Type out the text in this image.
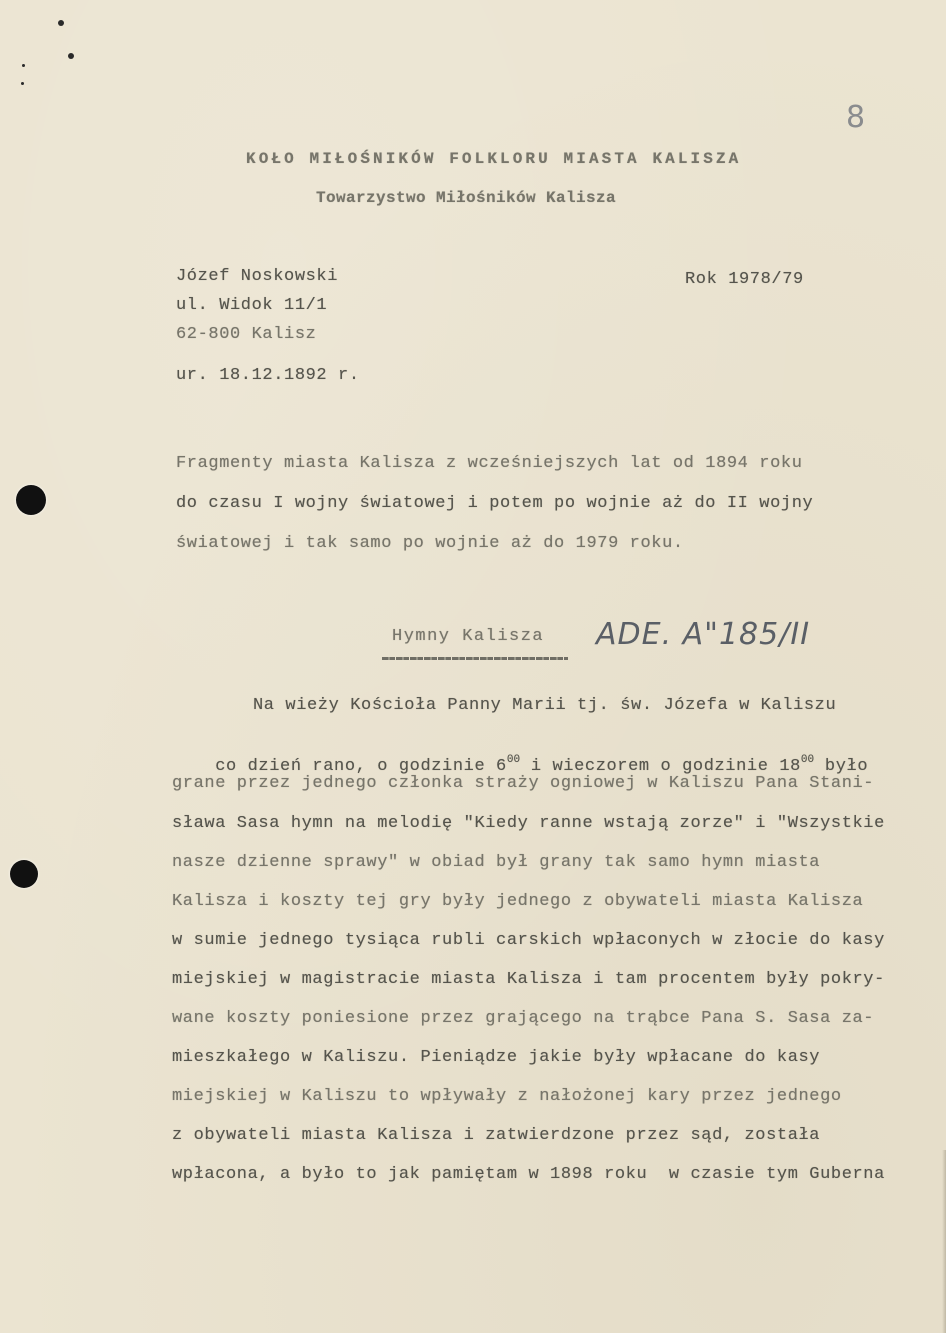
8
KOŁO MIŁOŚNIKÓW FOLKLORU MIASTA KALISZA
Towarzystwo Miłośników Kalisza
Józef Noskowski
ul. Widok 11/1
62-800 Kalisz
ur. 18.12.1892 r.
Rok 1978/79
Fragmenty miasta Kalisza z wcześniejszych lat od 1894 roku
do czasu I wojny światowej i potem po wojnie aż do II wojny
światowej i tak samo po wojnie aż do 1979 roku.
Hymny Kalisza ADE. A"185/II
Na wieży Kościoła Panny Marii tj. św. Józefa w Kaliszu

co dzień rano, o godzinie $6^{00}$ i wieczorem o godzinie $18^{00}$ było

grane przez jednego członka straży ogniowej w Kaliszu Pana Stani-
sława Sasa hymn na melodię "Kiedy ranne wstają zorze" i "Wszystkie
nasze dzienne sprawy" w obiad był grany tak samo hymn miasta
Kalisza i koszty tej gry były jednego z obywateli miasta Kalisza
w sumie jednego tysiąca rubli carskich wpłaconych w złocie do kasy
miejskiej w magistracie miasta Kalisza i tam procentem były pokry-
wane koszty poniesione przez grającego na trąbce Pana S. Sasa za-
mieszkałego w Kaliszu. Pieniądze jakie były wpłacane do kasy
miejskiej w Kaliszu to wpływały z nałożonej kary przez jednego
z obywateli miasta Kalisza i zatwierdzone przez sąd, została
wpłacona, a było to jak pamiętam w 1898 roku  w czasie tym Guberna
